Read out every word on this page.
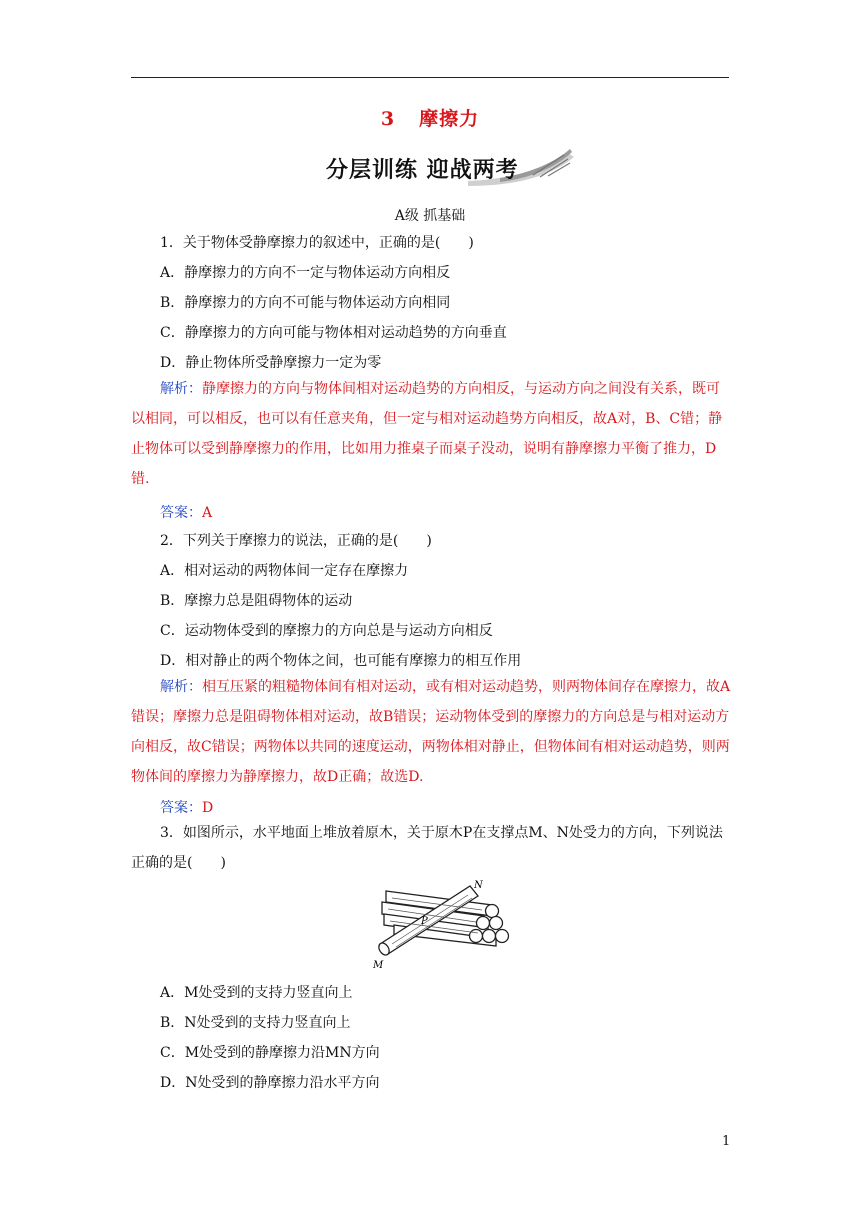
3 摩擦力
分层训练 迎战两考
A级 抓基础
1．关于物体受静摩擦力的叙述中，正确的是(　　)
A．静摩擦力的方向不一定与物体运动方向相反
B．静摩擦力的方向不可能与物体运动方向相同
C．静摩擦力的方向可能与物体相对运动趋势的方向垂直
D．静止物体所受静摩擦力一定为零
解析：静摩擦力的方向与物体间相对运动趋势的方向相反，与运动方向之间没有关系，既可以相同，可以相反，也可以有任意夹角，但一定与相对运动趋势方向相反，故A对，B、C错；静止物体可以受到静摩擦力的作用，比如用力推桌子而桌子没动，说明有静摩擦力平衡了推力，D错.
答案：A
2．下列关于摩擦力的说法，正确的是(　　)
A．相对运动的两物体间一定存在摩擦力
B．摩擦力总是阻碍物体的运动
C．运动物体受到的摩擦力的方向总是与运动方向相反
D．相对静止的两个物体之间，也可能有摩擦力的相互作用
解析：相互压紧的粗糙物体间有相对运动，或有相对运动趋势，则两物体间存在摩擦力，故A错误；摩擦力总是阻碍物体相对运动，故B错误；运动物体受到的摩擦力的方向总是与相对运动方向相反，故C错误；两物体以共同的速度运动，两物体相对静止，但物体间有相对运动趋势，则两物体间的摩擦力为静摩擦力，故D正确；故选D.
答案：D
3．如图所示，水平地面上堆放着原木，关于原木P在支撑点M、N处受力的方向，下列说法正确的是(　　)
N
P
M
A．M处受到的支持力竖直向上
B．N处受到的支持力竖直向上
C．M处受到的静摩擦力沿MN方向
D．N处受到的静摩擦力沿水平方向
1
